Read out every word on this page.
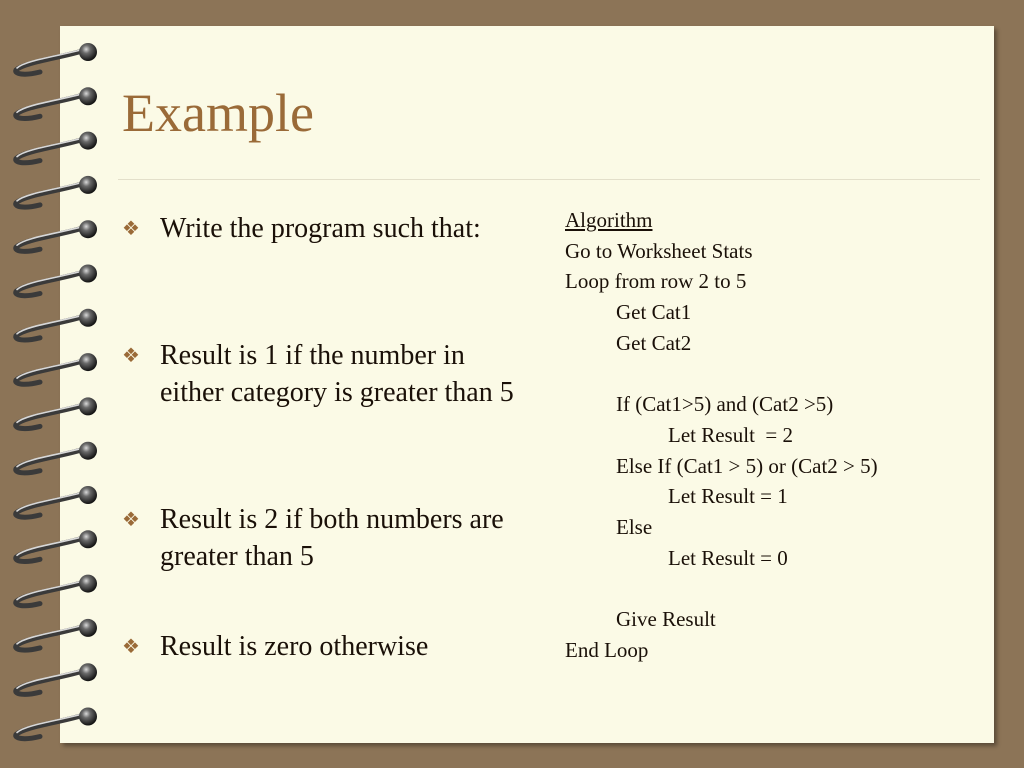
Example
❖ Write the program such that:
❖ Result is 1 if the number in either category is greater than 5
❖ Result is 2 if both numbers are greater than 5
❖ Result is zero otherwise
Algorithm
Go to Worksheet Stats
Loop from row 2 to 5
Get Cat1
Get Cat2
If (Cat1>5) and (Cat2 >5)
Let Result  = 2
Else If (Cat1 > 5) or (Cat2 > 5)
Let Result = 1
Else
Let Result = 0
Give Result
End Loop
